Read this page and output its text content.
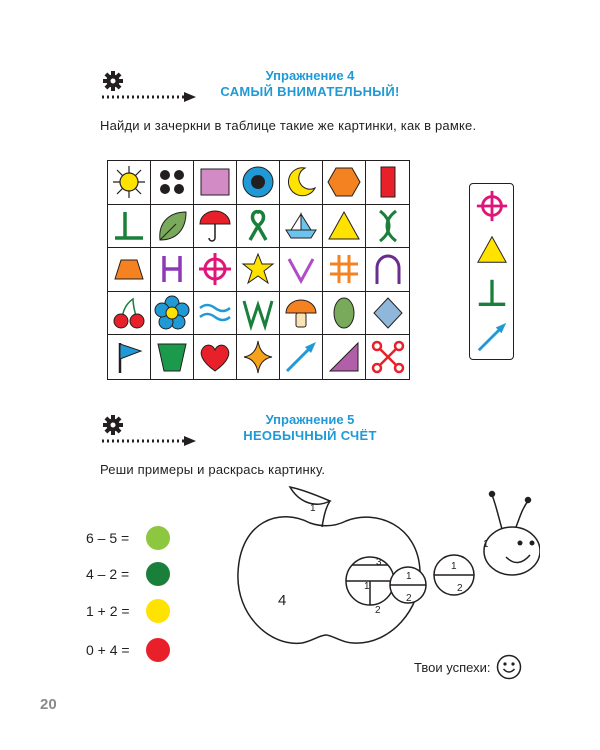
Упражнение 4
САМЫЙ ВНИМАТЕЛЬНЫЙ!
Найди и зачеркни в таблице такие же картинки, как в рамке.
Упражнение 5
НЕОБЫЧНЫЙ СЧЁТ
Реши примеры и раскрась картинку.
6 – 5 =
4 – 2 =
1 + 2 =
0 + 4 =
1
4
3
1
2
1
2
1
2
1
Твои успехи:
20
